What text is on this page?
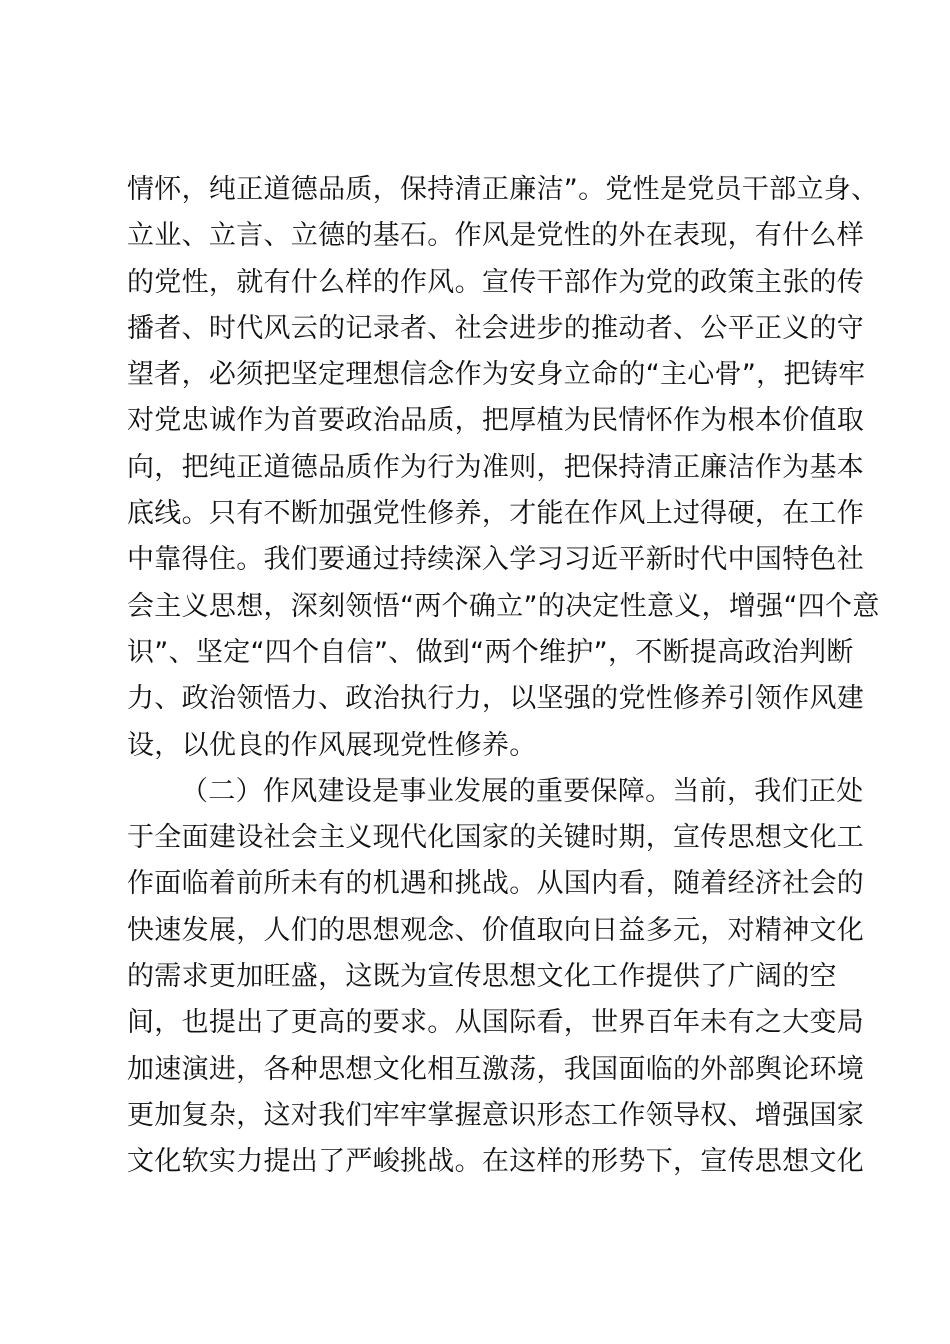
情怀，纯正道德品质，保持清正廉洁”。党性是党员干部立身、
立业、立言、立德的基石。作风是党性的外在表现，有什么样
的党性，就有什么样的作风。宣传干部作为党的政策主张的传
播者、时代风云的记录者、社会进步的推动者、公平正义的守
望者，必须把坚定理想信念作为安身立命的“主心骨”，把铸牢
对党忠诚作为首要政治品质，把厚植为民情怀作为根本价值取
向，把纯正道德品质作为行为准则，把保持清正廉洁作为基本
底线。只有不断加强党性修养，才能在作风上过得硬，在工作
中靠得住。我们要通过持续深入学习习近平新时代中国特色社
会主义思想，深刻领悟“两个确立”的决定性意义，增强“四个意
识”、坚定“四个自信”、做到“两个维护”，不断提高政治判断
力、政治领悟力、政治执行力，以坚强的党性修养引领作风建
设，以优良的作风展现党性修养。
（二）作风建设是事业发展的重要保障。当前，我们正处
于全面建设社会主义现代化国家的关键时期，宣传思想文化工
作面临着前所未有的机遇和挑战。从国内看，随着经济社会的
快速发展，人们的思想观念、价值取向日益多元，对精神文化
的需求更加旺盛，这既为宣传思想文化工作提供了广阔的空
间，也提出了更高的要求。从国际看，世界百年未有之大变局
加速演进，各种思想文化相互激荡，我国面临的外部舆论环境
更加复杂，这对我们牢牢掌握意识形态工作领导权、增强国家
文化软实力提出了严峻挑战。在这样的形势下，宣传思想文化
